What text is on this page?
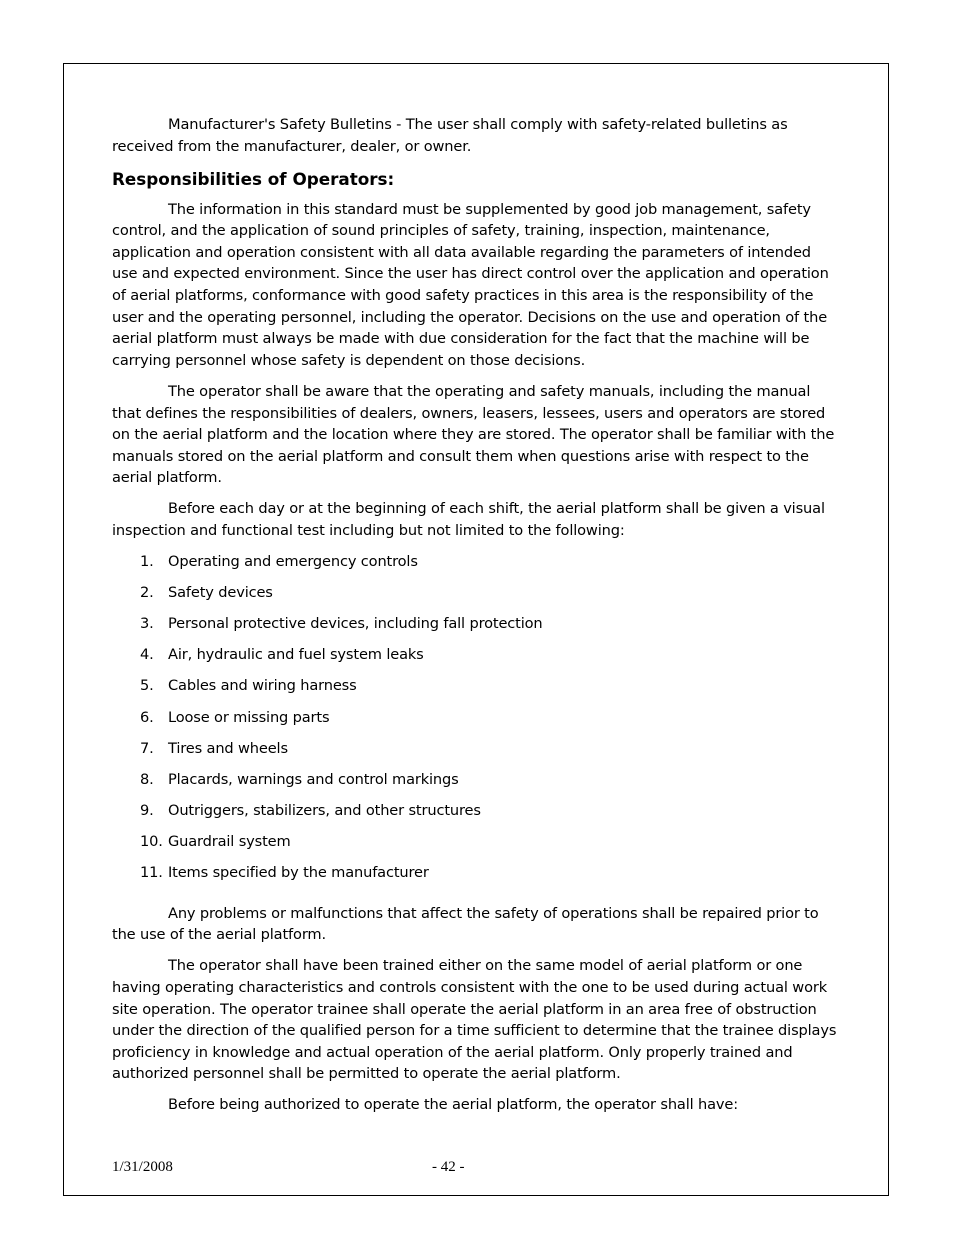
Manufacturer's Safety Bulletins - The user shall comply with safety-related bulletins as received from the manufacturer, dealer, or owner.

Responsibilities of Operators:

The information in this standard must be supplemented by good job management, safety control, and the application of sound principles of safety, training, inspection, maintenance, application and operation consistent with all data available regarding the parameters of intended use and expected environment. Since the user has direct control over the application and operation of aerial platforms, conformance with good safety practices in this area is the responsibility of the user and the operating personnel, including the operator. Decisions on the use and operation of the aerial platform must always be made with due consideration for the fact that the machine will be carrying personnel whose safety is dependent on those decisions.

The operator shall be aware that the operating and safety manuals, including the manual that defines the responsibilities of dealers, owners, leasers, lessees, users and operators are stored on the aerial platform and the location where they are stored. The operator shall be familiar with the manuals stored on the aerial platform and consult them when questions arise with respect to the aerial platform.

Before each day or at the beginning of each shift, the aerial platform shall be given a visual inspection and functional test including but not limited to the following:

1. Operating and emergency controls
2. Safety devices
3. Personal protective devices, including fall protection
4. Air, hydraulic and fuel system leaks
5. Cables and wiring harness
6. Loose or missing parts
7. Tires and wheels
8. Placards, warnings and control markings
9. Outriggers, stabilizers, and other structures
10. Guardrail system
11. Items specified by the manufacturer

Any problems or malfunctions that affect the safety of operations shall be repaired prior to the use of the aerial platform.

The operator shall have been trained either on the same model of aerial platform or one having operating characteristics and controls consistent with the one to be used during actual work site operation. The operator trainee shall operate the aerial platform in an area free of obstruction under the direction of the qualified person for a time sufficient to determine that the trainee displays proficiency in knowledge and actual operation of the aerial platform. Only properly trained and authorized personnel shall be permitted to operate the aerial platform.

Before being authorized to operate the aerial platform, the operator shall have:

1/31/2008	- 42 -
